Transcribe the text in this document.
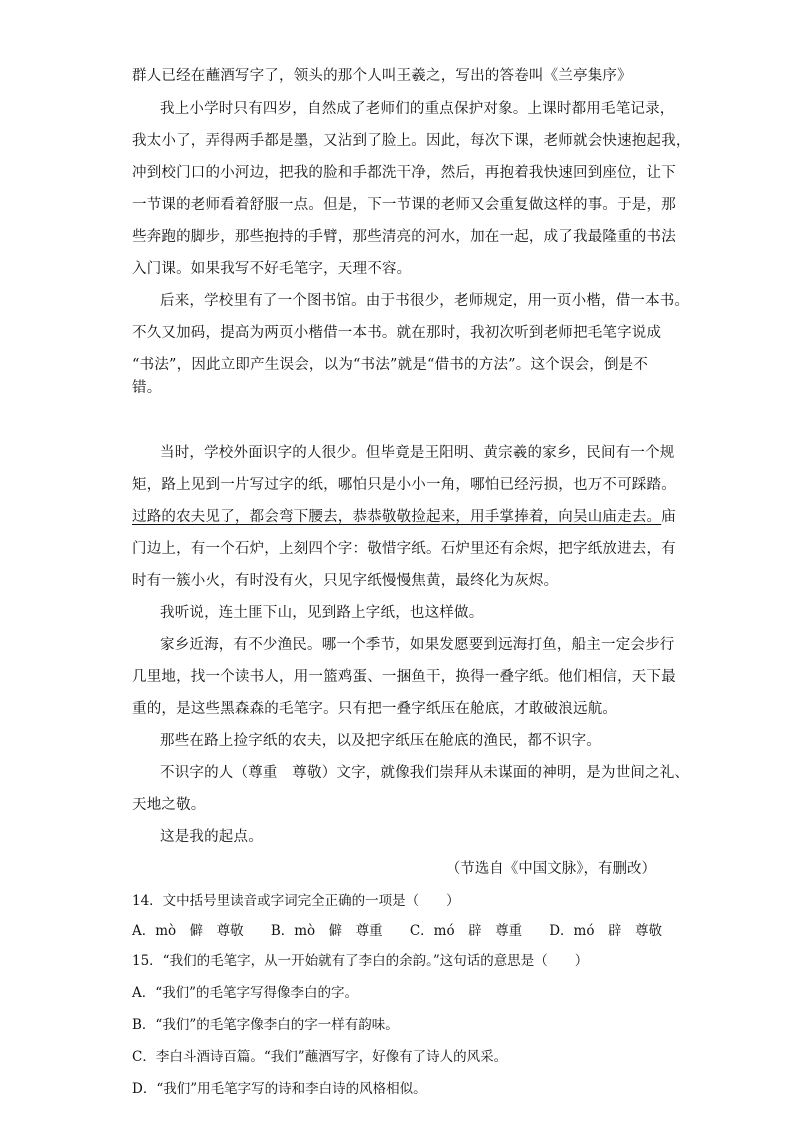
群人已经在蘸酒写字了，领头的那个人叫王羲之，写出的答卷叫《兰亭集序》
我上小学时只有四岁，自然成了老师们的重点保护对象。上课时都用毛笔记录，
我太小了，弄得两手都是墨，又沾到了脸上。因此，每次下课，老师就会快速抱起我，
冲到校门口的小河边，把我的脸和手都洗干净，然后，再抱着我快速回到座位，让下
一节课的老师看着舒服一点。但是，下一节课的老师又会重复做这样的事。于是，那
些奔跑的脚步，那些抱持的手臂，那些清亮的河水，加在一起，成了我最隆重的书法
入门课。如果我写不好毛笔字，天理不容。
后来，学校里有了一个图书馆。由于书很少，老师规定，用一页小楷，借一本书。
不久又加码，提高为两页小楷借一本书。就在那时，我初次听到老师把毛笔字说成
“书法”，因此立即产生误会，以为“书法”就是“借书的方法”。这个误会，倒是不
错。
当时，学校外面识字的人很少。但毕竟是王阳明、黄宗羲的家乡，民间有一个规
矩，路上见到一片写过字的纸，哪怕只是小小一角，哪怕已经污损，也万不可踩踏。
过路的农夫见了，都会弯下腰去，恭恭敬敬捡起来，用手掌捧着，向吴山庙走去。庙
门边上，有一个石炉，上刻四个字：敬惜字纸。石炉里还有余烬，把字纸放进去，有
时有一簇小火，有时没有火，只见字纸慢慢焦黄，最终化为灰烬。
我听说，连土匪下山，见到路上字纸，也这样做。
家乡近海，有不少渔民。哪一个季节，如果发愿要到远海打鱼，船主一定会步行
几里地，找一个读书人，用一篮鸡蛋、一捆鱼干，换得一叠字纸。他们相信，天下最
重的，是这些黑森森的毛笔字。只有把一叠字纸压在舱底，才敢破浪远航。
那些在路上捡字纸的农夫，以及把字纸压在舱底的渔民，都不识字。
不识字的人（尊重　尊敬）文字，就像我们崇拜从未谋面的神明，是为世间之礼、
天地之敬。
这是我的起点。
（节选自《中国文脉》，有删改）
14．文中括号里读音或字词完全正确的一项是（　　）
A．mò　僻　尊敬 B．mò　僻　尊重 C．mó　辟　尊重 D．mó　辟　尊敬
15．“我们的毛笔字，从一开始就有了李白的余韵。”这句话的意思是（　　）
A．“我们”的毛笔字写得像李白的字。
B．“我们”的毛笔字像李白的字一样有韵味。
C．李白斗酒诗百篇。“我们”蘸酒写字，好像有了诗人的风采。
D．“我们”用毛笔字写的诗和李白诗的风格相似。
